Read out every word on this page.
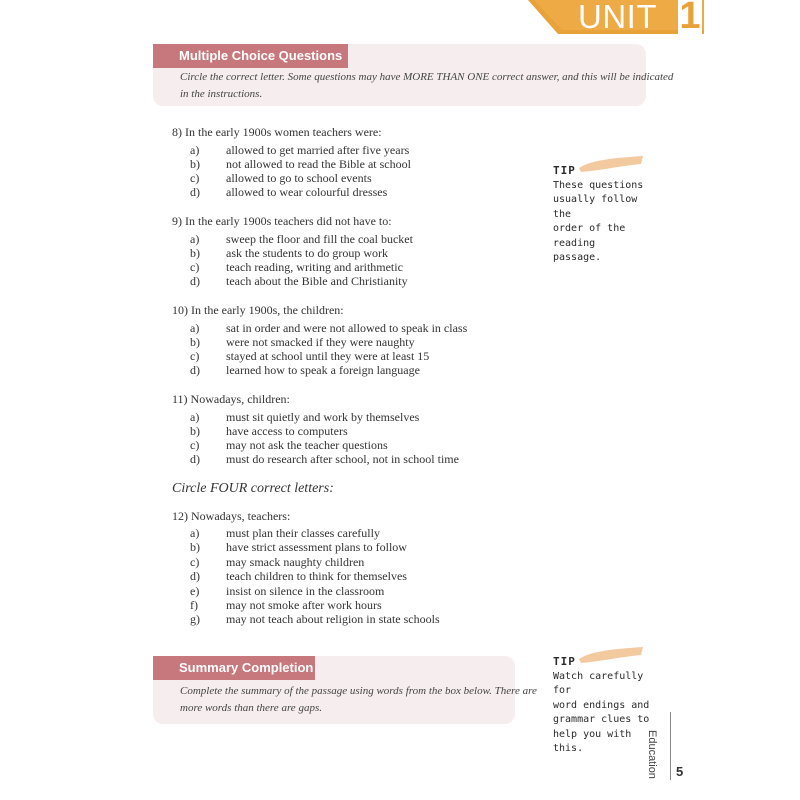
UNIT 1
Multiple Choice Questions
Circle the correct letter. Some questions may have MORE THAN ONE correct answer, and this will be indicated
in the instructions.
8) In the early 1900s women teachers were:
a)	allowed to get married after five years
b)	not allowed to read the Bible at school
c)	allowed to go to school events
d)	allowed to wear colourful dresses
9) In the early 1900s teachers did not have to:
a)	sweep the floor and fill the coal bucket
b)	ask the students to do group work
c)	teach reading, writing and arithmetic
d)	teach about the Bible and Christianity
10) In the early 1900s, the children:
a)	sat in order and were not allowed to speak in class
b)	were not smacked if they were naughty
c)	stayed at school until they were at least 15
d)	learned how to speak a foreign language
11) Nowadays, children:
a)	must sit quietly and work by themselves
b)	have access to computers
c)	may not ask the teacher questions
d)	must do research after school, not in school time
Circle FOUR correct letters:
12) Nowadays, teachers:
a)	must plan their classes carefully
b)	have strict assessment plans to follow
c)	may smack naughty children
d)	teach children to think for themselves
e)	insist on silence in the classroom
f)	may not smoke after work hours
g)	may not teach about religion in state schools
Summary Completion
Complete the summary of the passage using words from the box below. There are
more words than there are gaps.
TIP
These questions
usually follow the
order of the reading
passage.
TIP
Watch carefully for
word endings and
grammar clues to
help you with this.	Education 5
